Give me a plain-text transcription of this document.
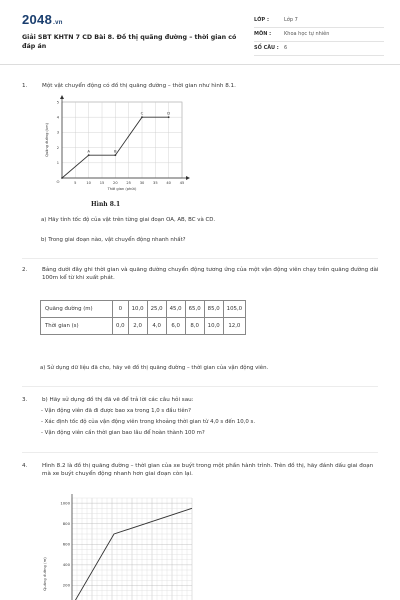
2048.vn
Giải SBT KHTN 7 CD Bài 8. Đồ thị quãng đường – thời gian có đáp án
LỚP :	Lớp 7
MÔN :	Khoa học tự nhiên
SỐ CÂU : 6
1.	Một vật chuyển động có đồ thị quãng đường – thời gian như hình 8.1.
5	10 15 20 25 30 35 40 45
1
2
3
4
5
Thời gian (phút)
Quãng đường (km)
O
A	B
C	D
Hình 8.1
a) Hãy tính tốc độ của vật trên từng giai đoạn OA, AB, BC và CD.
b) Trong giai đoạn nào, vật chuyển động nhanh nhất?
2.	Bảng dưới đây ghi thời gian và quãng đường chuyển động tương ứng của một vận động viên chạy trên quãng đường dài 100m kể từ khi xuất phát.
Quãng đường (m)	0	10,0	25,0	45,0	65,0	85,0	105,0
Thời gian (s)	0,0	2,0	4,0	6,0	8,0	10,0	12,0
a) Sử dụng dữ liệu đã cho, hãy vẽ đồ thị quãng đường – thời gian của vận động viên.
3.	b) Hãy sử dụng đồ thị đã vẽ để trả lời các câu hỏi sau:
- Vận động viên đã đi được bao xa trong 1,0 s đầu tiên?
- Xác định tốc độ của vận động viên trong khoảng thời gian từ 4,0 s đến 10,0 s.
- Vận động viên cần thời gian bao lâu để hoàn thành 100 m?
4.	Hình 8.2 là đồ thị quãng đường – thời gian của xe buýt trong một phần hành trình. Trên đồ thị, hãy đánh dấu giai đoạn mà xe buýt chuyển động nhanh hơn giai đoạn còn lại.
200
400
600
800
1000
Quãng đường (m)
